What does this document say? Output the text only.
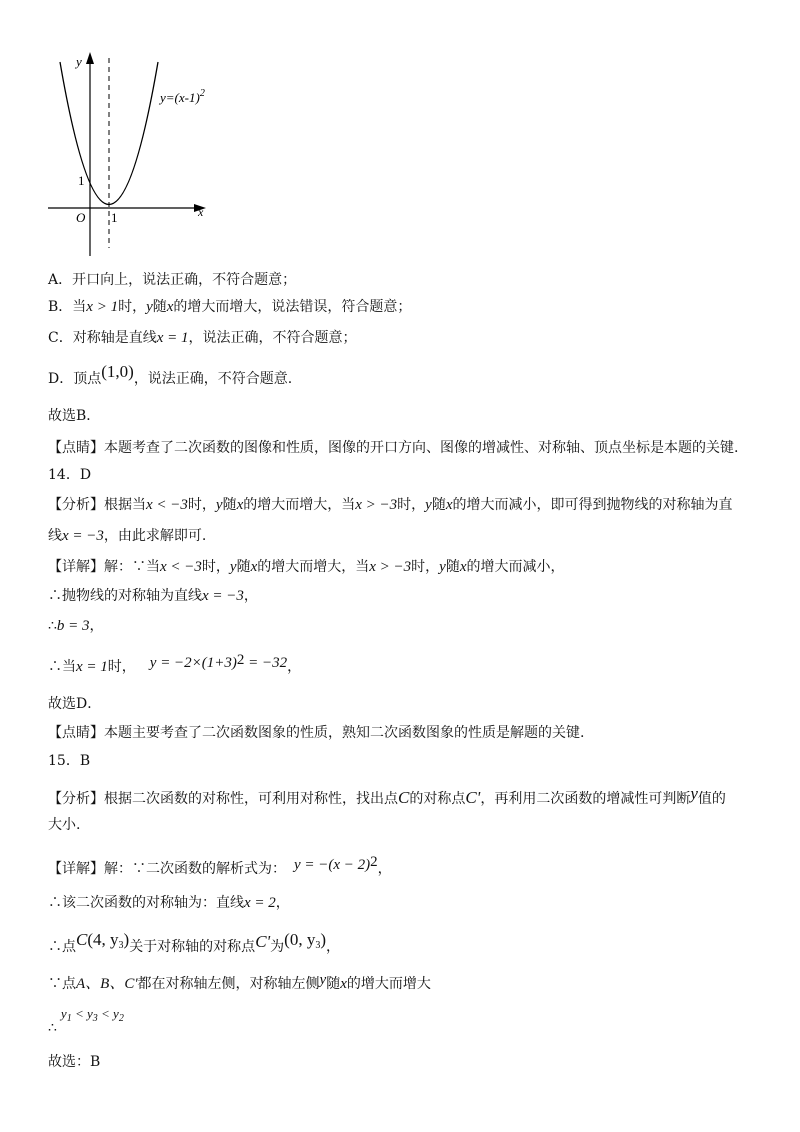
y
x
O
1
1
$y=(x-1)^2$
A．开口向上，说法正确，不符合题意；
B．当x > 1时，y随x的增大而增大，说法错误，符合题意；
C．对称轴是直线x = 1，说法正确，不符合题意；
D．顶点(1,0)，说法正确，不符合题意.
故选B．
【点睛】本题考查了二次函数的图像和性质，图像的开口方向、图像的增减性、对称轴、顶点坐标是本题的关键.
14．D
【分析】根据当x < −3时，y随x的增大而增大，当x > −3时，y随x的增大而减小，即可得到抛物线的对称轴为直
线x = −3，由此求解即可.
【详解】解：∵当x < −3时，y随x的增大而增大，当x > −3时，y随x的增大而减小，
∴抛物线的对称轴为直线x = −3，
∴b = 3，
∴当x = 1时， $y = -2\times(1+3)^2 = -32$，
故选D．
【点睛】本题主要考查了二次函数图象的性质，熟知二次函数图象的性质是解题的关键.
15．B
【分析】根据二次函数的对称性，可利用对称性，找出点C的对称点C'，再利用二次函数的增减性可判断y值的
大小.
【详解】解：∵二次函数的解析式为： $y = -(x - 2)^2$，
∴该二次函数的对称轴为：直线x = 2，
∴点C(4, $y_3$)关于对称轴的对称点C'为(0, $y_3$)，
∵点A、B、C'都在对称轴左侧，对称轴左侧y随x的增大而增大
$\therefore y_1 < y_3 < y_2$
故选：B
